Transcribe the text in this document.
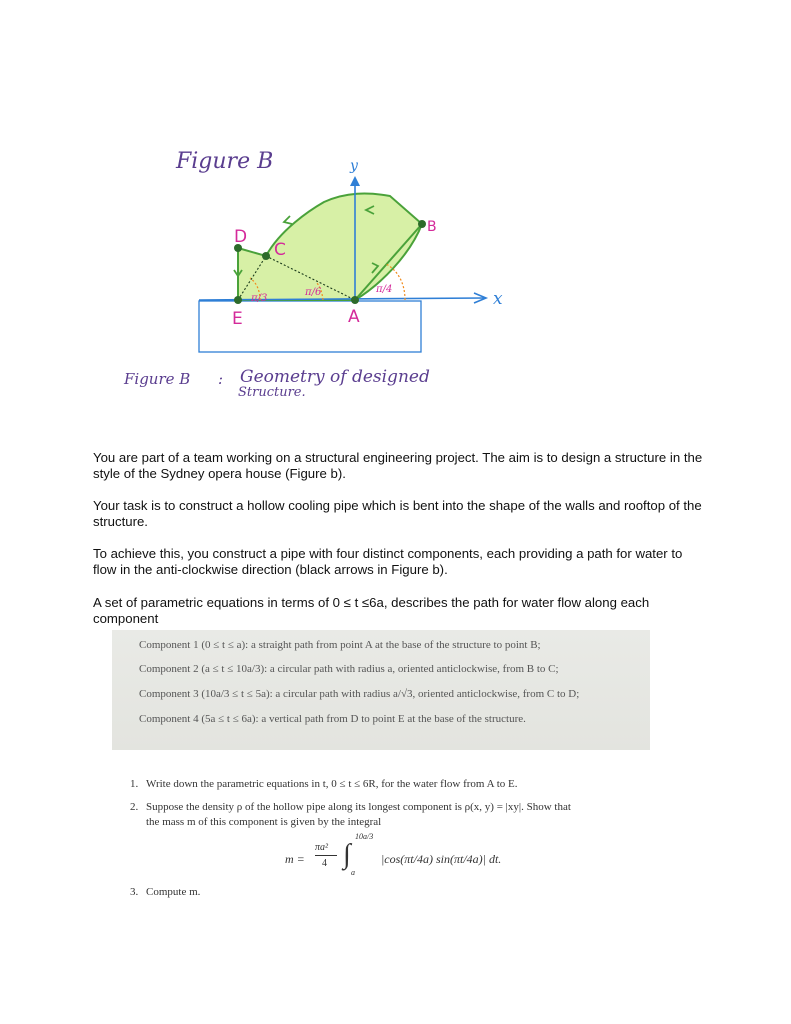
Figure B
x
y
π/3
π/6	π/4
A
B
C
D
E
Figure B : Geometry of designed
Structure.
You are part of a team working on a structural engineering project. The aim is to design a structure in the style of the Sydney opera house (Figure b).
Your task is to construct a hollow cooling pipe which is bent into the shape of the walls and rooftop of the structure.
To achieve this, you construct a pipe with four distinct components, each providing a path for water to flow in the anti-clockwise direction (black arrows in Figure b).
A set of parametric equations in terms of 0 ≤ t ≤6a, describes the path for water flow along each component
Component 1 (0 ≤ t ≤ a): a straight path from point A at the base of the structure to point B;
Component 2 (a ≤ t ≤ 10a/3): a circular path with radius a, oriented anticlockwise, from B to C;
Component 3 (10a/3 ≤ t ≤ 5a): a circular path with radius a/√3, oriented anticlockwise, from C to D;
Component 4 (5a ≤ t ≤ 6a): a vertical path from D to point E at the base of the structure.
1. Write down the parametric equations in t, 0 ≤ t ≤ 6R, for the water flow from A to E.
2. Suppose the density ρ of the hollow pipe along its longest component is ρ(x, y) = |xy|. Show that
the mass m of this component is given by the integral
m =
πa²
4 ∫
10a/3
a
|cos(πt/4a) sin(πt/4a)| dt.
3. Compute m.
